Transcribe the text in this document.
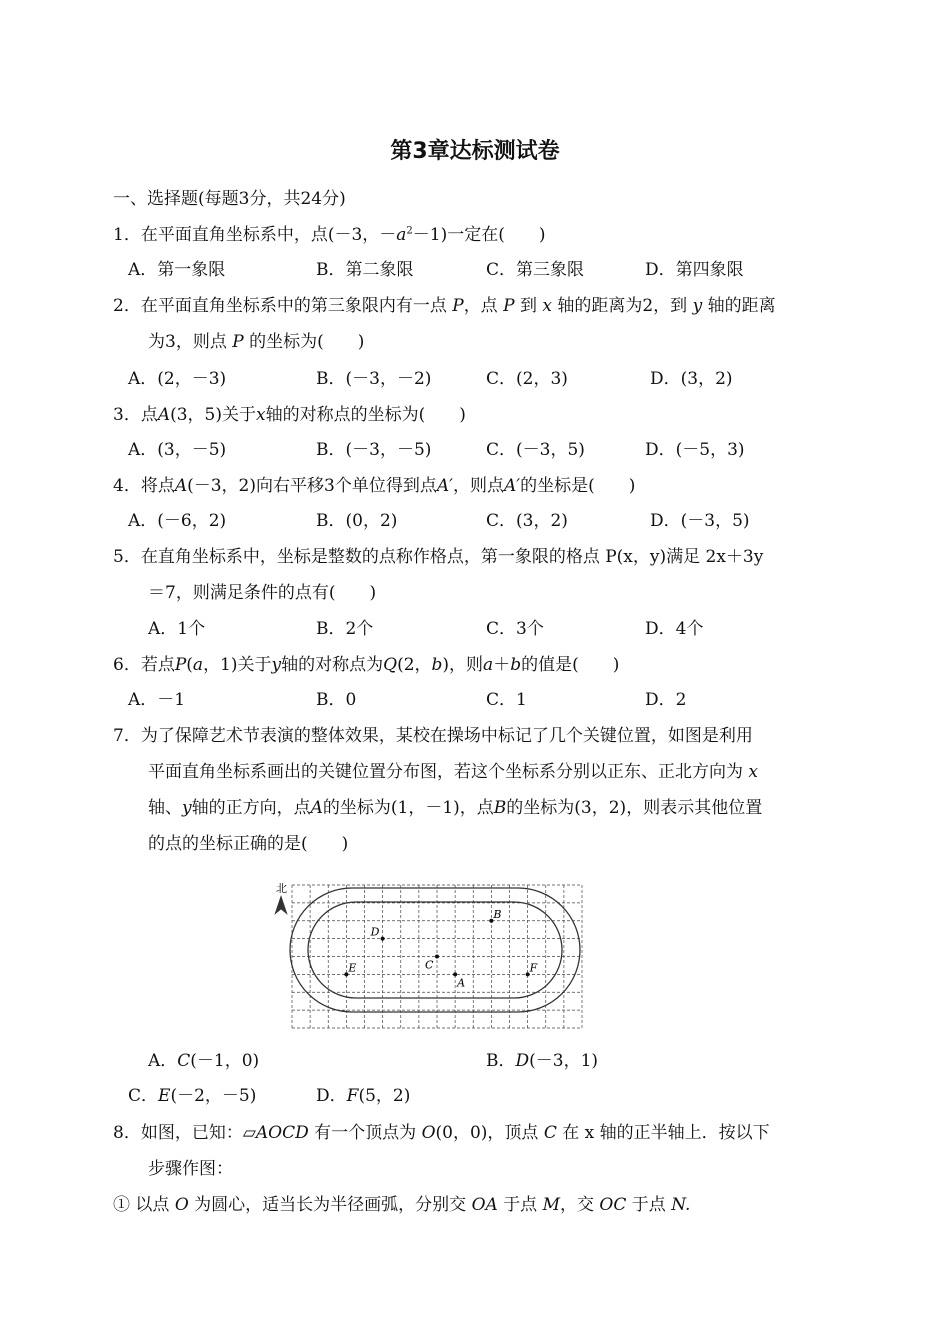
第3章达标测试卷
一、选择题(每题3分，共24分)
1．在平面直角坐标系中，点(－3，$-a^2-1$)一定在(　　)
A．第一象限	B．第二象限	C．第三象限	D．第四象限
2．在平面直角坐标系中的第三象限内有一点 P，点 P 到 x 轴的距离为2，到 y 轴的距离
为3，则点 P 的坐标为(　　)
A．(2，－3)	B．(－3，－2)	C．(2，3)	D．(3，2)
3．点A(3，5)关于x轴的对称点的坐标为(　　)
A．(3，－5)	B．(－3，－5)	C．(－3，5)	D．(－5，3)
4．将点A(－3，2)向右平移3个单位得到点A′，则点A′的坐标是(　　)
A．(－6，2)	B．(0，2)	C．(3，2)	D．(－3，5)
5．在直角坐标系中，坐标是整数的点称作格点，第一象限的格点 P(x，y)满足 2x＋3y
＝7，则满足条件的点有(　　)
A．1个	B．2个	C．3个	D．4个
6．若点P(a，1)关于y轴的对称点为Q(2，b)，则a＋b的值是(　　)
A．－1	B．0	C．1	D．2
7．为了保障艺术节表演的整体效果，某校在操场中标记了几个关键位置，如图是利用
平面直角坐标系画出的关键位置分布图，若这个坐标系分别以正东、正北方向为 x
轴、y轴的正方向，点A的坐标为(1，－1)，点B的坐标为(3，2)，则表示其他位置
的点的坐标正确的是(　　)
北
A
B
C
D
E	F
A．C(－1，0)	B．D(－3，1)
C．E(－2，－5)	D．F(5，2)
8．如图，已知：▱AOCD 有一个顶点为 O(0，0)，顶点 C 在 x 轴的正半轴上．按以下
步骤作图：
① 以点 O 为圆心，适当长为半径画弧，分别交 OA 于点 M，交 OC 于点 N.
